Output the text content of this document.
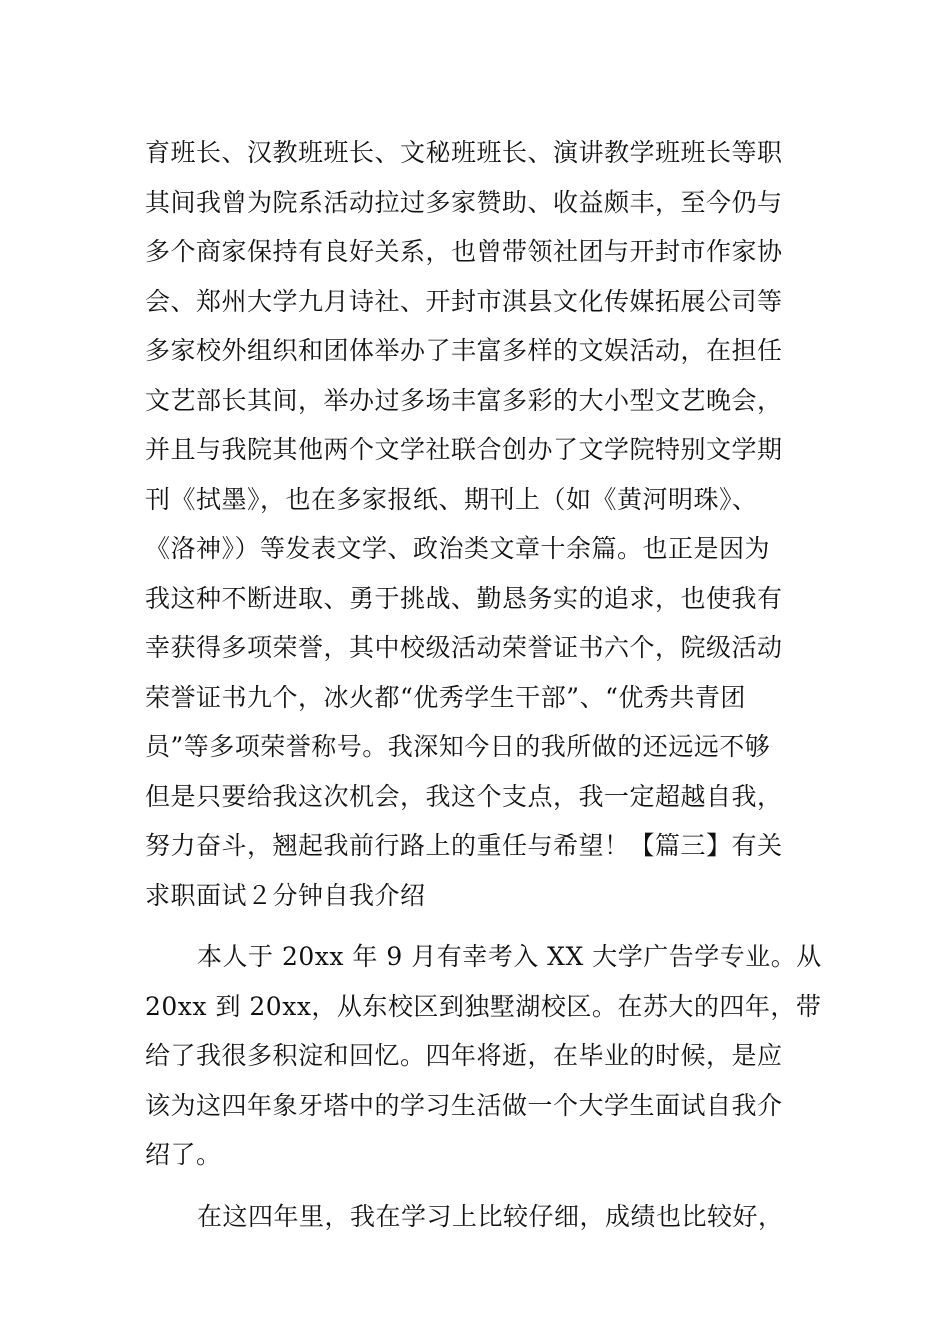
育班长、汉教班班长、文秘班班长、演讲教学班班长等职
其间我曾为院系活动拉过多家赞助、收益颇丰，至今仍与
多个商家保持有良好关系，也曾带领社团与开封市作家协
会、郑州大学九月诗社、开封市淇县文化传媒拓展公司等
多家校外组织和团体举办了丰富多样的文娱活动，在担任
文艺部长其间，举办过多场丰富多彩的大小型文艺晚会，
并且与我院其他两个文学社联合创办了文学院特别文学期
刊《拭墨》，也在多家报纸、期刊上（如《黄河明珠》、
《洛神》）等发表文学、政治类文章十余篇。也正是因为
我这种不断进取、勇于挑战、勤恳务实的追求，也使我有
幸获得多项荣誉，其中校级活动荣誉证书六个，院级活动
荣誉证书九个，冰火都“优秀学生干部”、“优秀共青团
员”等多项荣誉称号。我深知今日的我所做的还远远不够
但是只要给我这次机会，我这个支点，我一定超越自我，
努力奋斗，翘起我前行路上的重任与希望！【篇三】有关
求职面试２分钟自我介绍
本人于 20xx 年 9 月有幸考入 XX 大学广告学专业。从
20xx 到 20xx，从东校区到独墅湖校区。在苏大的四年，带
给了我很多积淀和回忆。四年将逝，在毕业的时候，是应
该为这四年象牙塔中的学习生活做一个大学生面试自我介
绍了。
在这四年里，我在学习上比较仔细，成绩也比较好，
